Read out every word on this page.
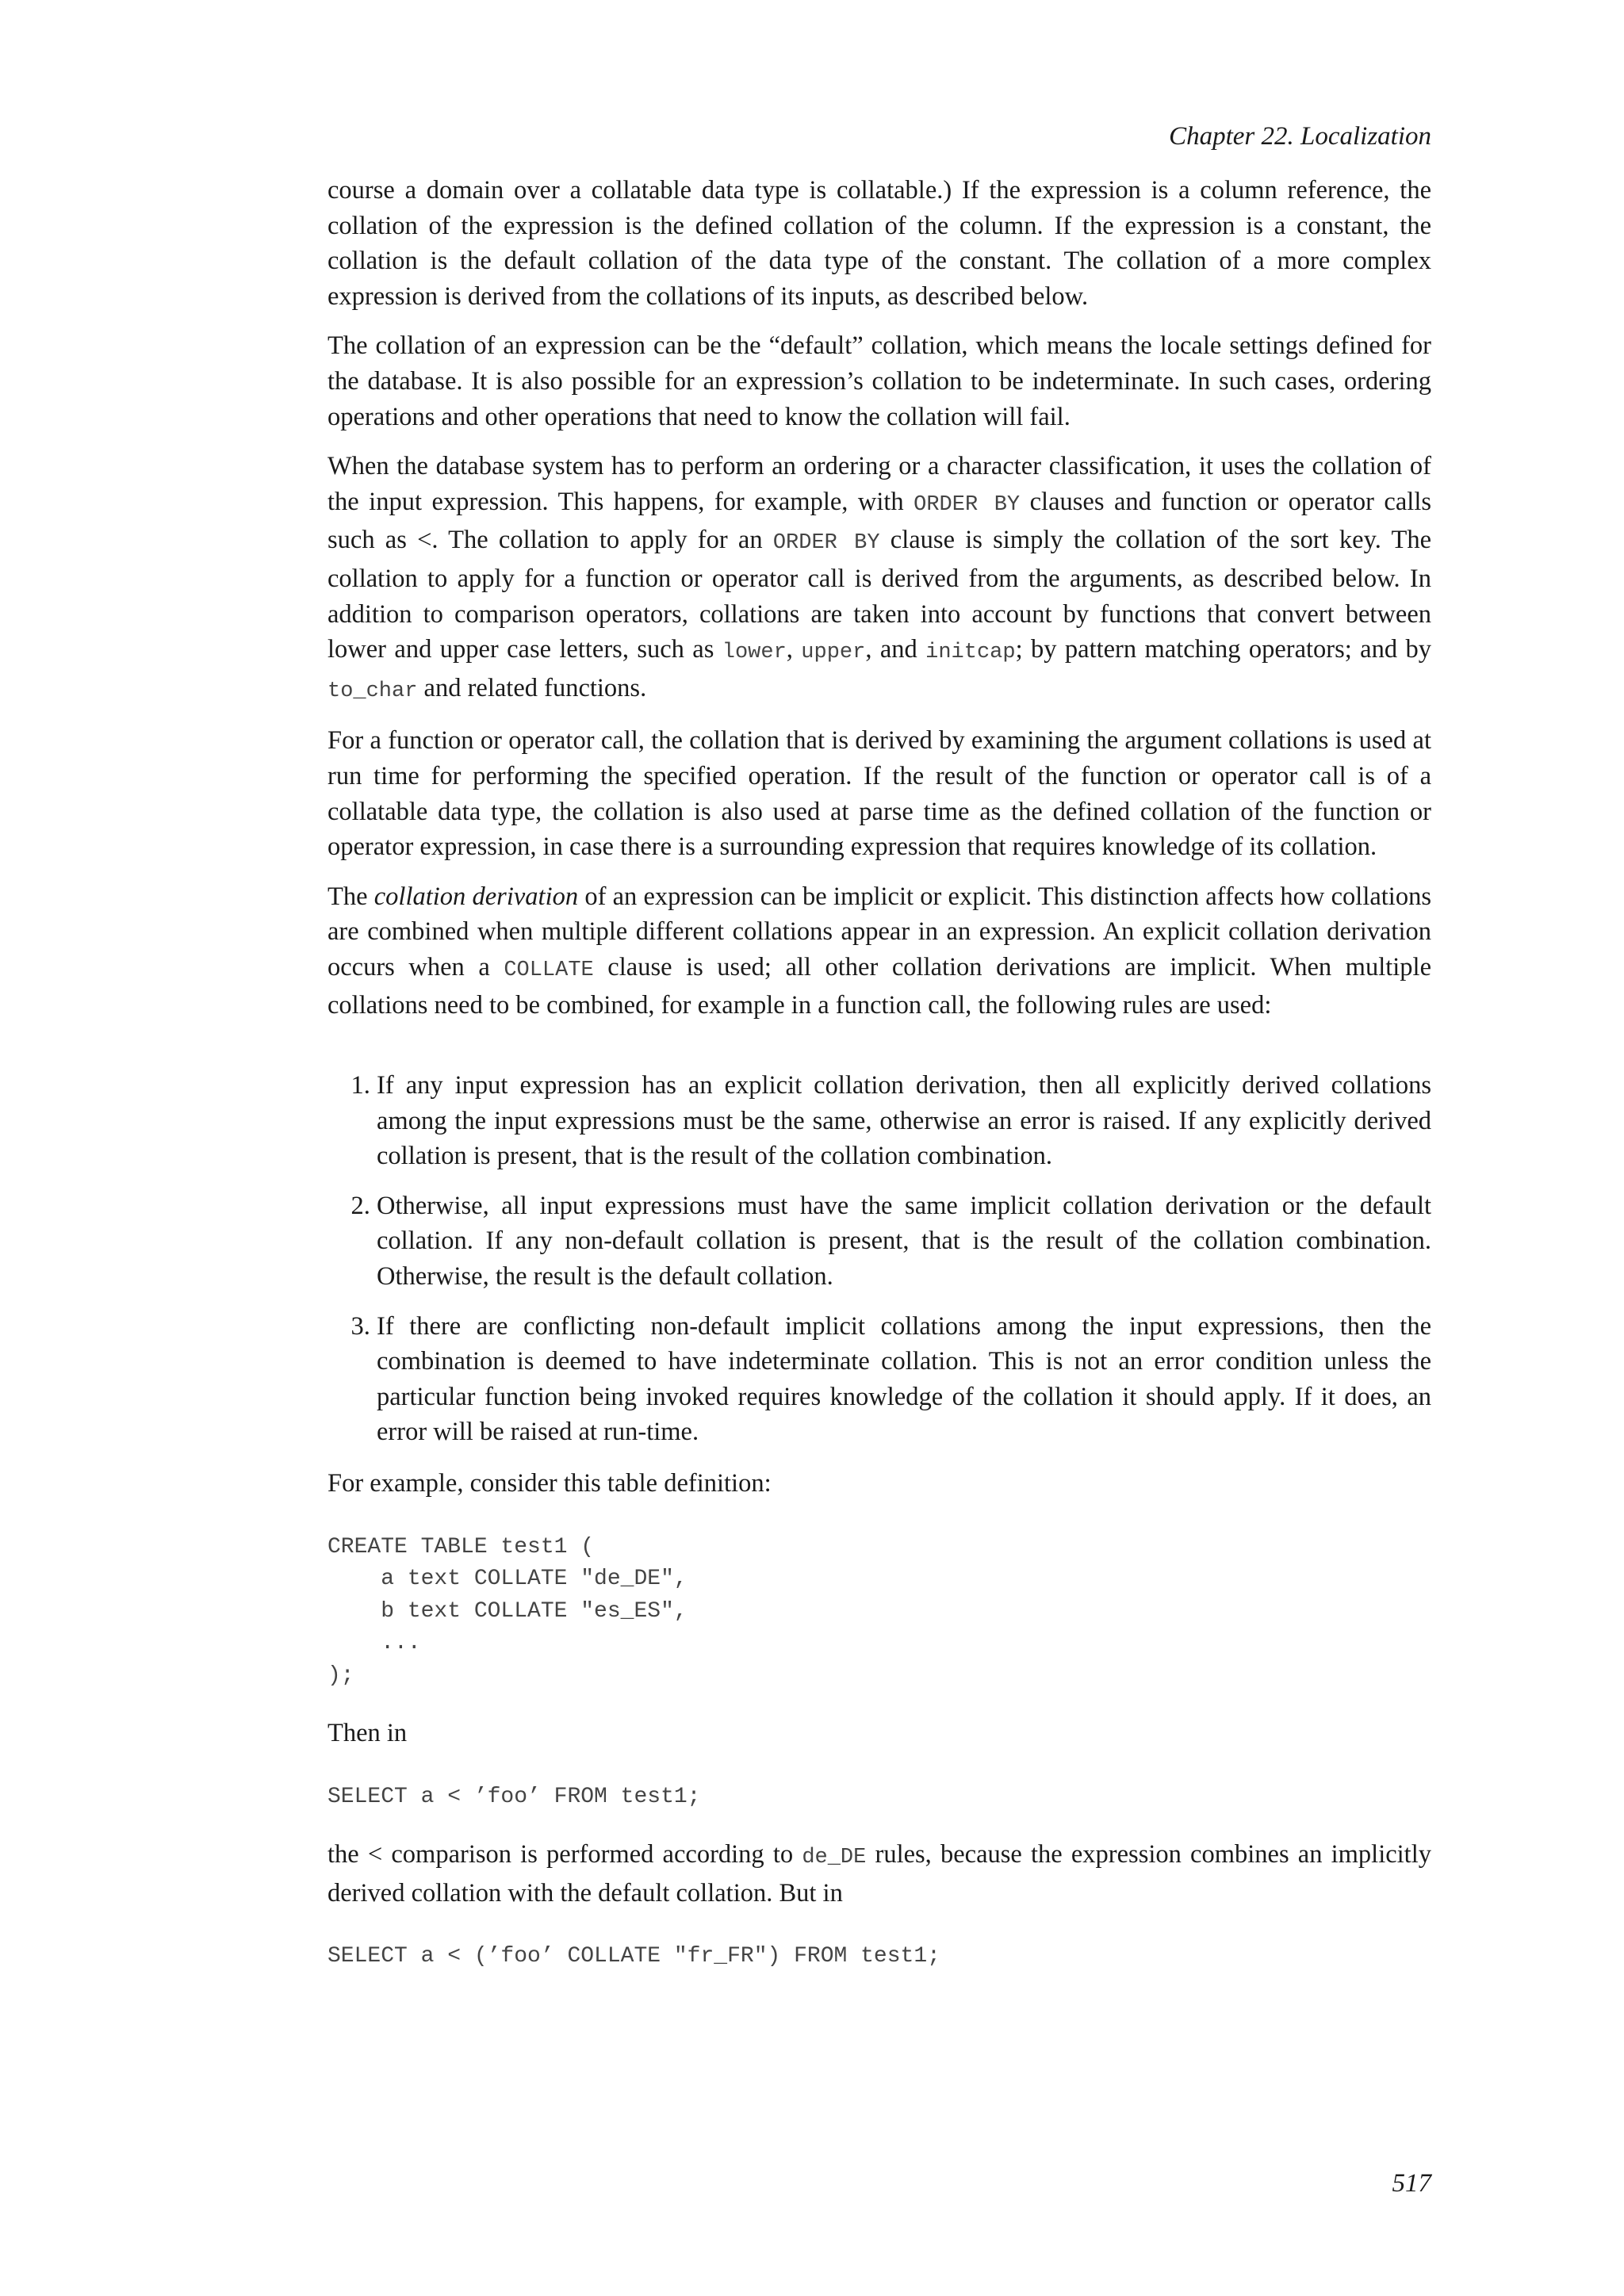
Chapter 22. Localization

course a domain over a collatable data type is collatable.) If the expression is a column reference, the collation of the expression is the defined collation of the column. If the expression is a constant, the collation is the default collation of the data type of the constant. The collation of a more complex expression is derived from the collations of its inputs, as described below.

The collation of an expression can be the “default” collation, which means the locale settings defined for the database. It is also possible for an expression’s collation to be indeterminate. In such cases, ordering operations and other operations that need to know the collation will fail.

When the database system has to perform an ordering or a character classification, it uses the collation of the input expression. This happens, for example, with ORDER BY clauses and function or operator calls such as <. The collation to apply for an ORDER BY clause is simply the collation of the sort key. The collation to apply for a function or operator call is derived from the arguments, as described below. In addition to comparison operators, collations are taken into account by functions that convert between lower and upper case letters, such as lower, upper, and initcap; by pattern matching operators; and by to_char and related functions.

For a function or operator call, the collation that is derived by examining the argument collations is used at run time for performing the specified operation. If the result of the function or operator call is of a collatable data type, the collation is also used at parse time as the defined collation of the function or operator expression, in case there is a surrounding expression that requires knowledge of its collation.

The collation derivation of an expression can be implicit or explicit. This distinction affects how collations are combined when multiple different collations appear in an expression. An explicit collation derivation occurs when a COLLATE clause is used; all other collation derivations are implicit. When multiple collations need to be combined, for example in a function call, the following rules are used:

1. If any input expression has an explicit collation derivation, then all explicitly derived collations among the input expressions must be the same, otherwise an error is raised. If any explicitly derived collation is present, that is the result of the collation combination.
2. Otherwise, all input expressions must have the same implicit collation derivation or the default collation. If any non-default collation is present, that is the result of the collation combination. Otherwise, the result is the default collation.
3. If there are conflicting non-default implicit collations among the input expressions, then the combination is deemed to have indeterminate collation. This is not an error condition unless the particular function being invoked requires knowledge of the collation it should apply. If it does, an error will be raised at run-time.

For example, consider this table definition:

CREATE TABLE test1 (
a text COLLATE "de_DE",
b text COLLATE "es_ES",
...
);

Then in

SELECT a < ’foo’ FROM test1;

the < comparison is performed according to de_DE rules, because the expression combines an implicitly derived collation with the default collation. But in

SELECT a < (’foo’ COLLATE "fr_FR") FROM test1;
517
